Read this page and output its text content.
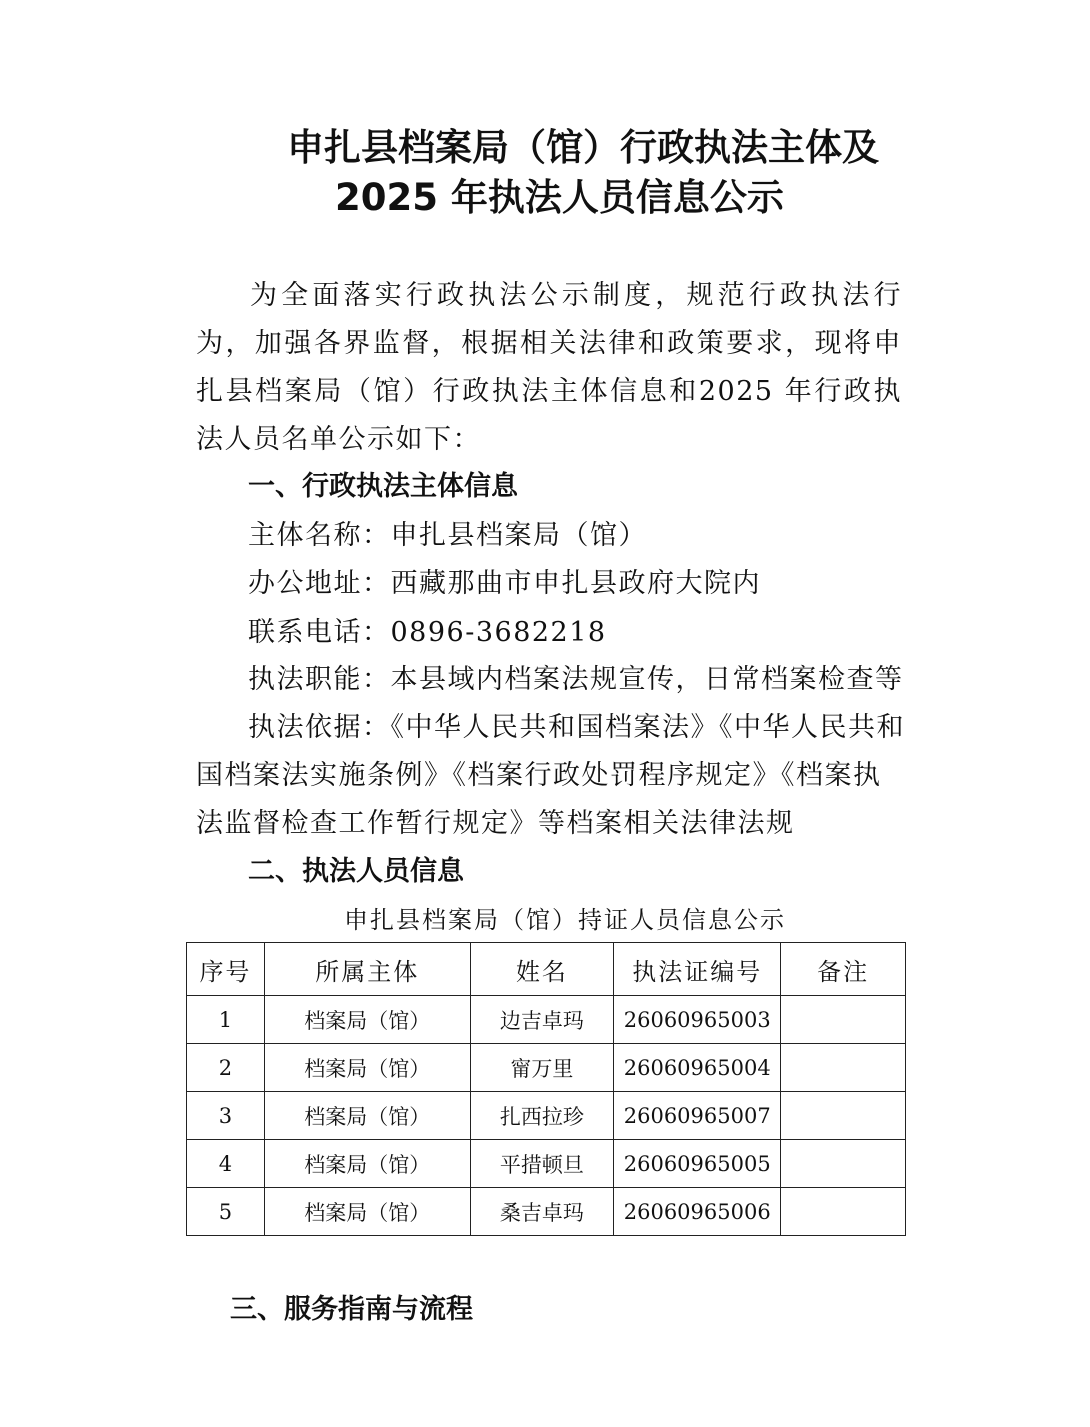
申扎县档案局（馆）行政执法主体及
2025 年执法人员信息公示
为全面落实行政执法公示制度，规范行政执法行为，加强各界监督，根据相关法律和政策要求，现将申扎县档案局（馆）行政执法主体信息和2025 年行政执法人员名单公示如下：
一、行政执法主体信息
主体名称：申扎县档案局（馆）
办公地址：西藏那曲市申扎县政府大院内
联系电话：0896-3682218
执法职能：本县域内档案法规宣传，日常档案检查等
执法依据：《中华人民共和国档案法》《中华人民共和
国档案法实施条例》《档案行政处罚程序规定》《档案执
法监督检查工作暂行规定》等档案相关法律法规
二、执法人员信息
申扎县档案局（馆）持证人员信息公示
序号	所属主体	姓名	执法证编号	备注
1	档案局（馆）	边吉卓玛	26060965003	
2	档案局（馆）	甯万里	26060965004	
3	档案局（馆）	扎西拉珍	26060965007	
4	档案局（馆）	平措顿旦	26060965005	
5	档案局（馆）	桑吉卓玛	26060965006	
三、服务指南与流程
